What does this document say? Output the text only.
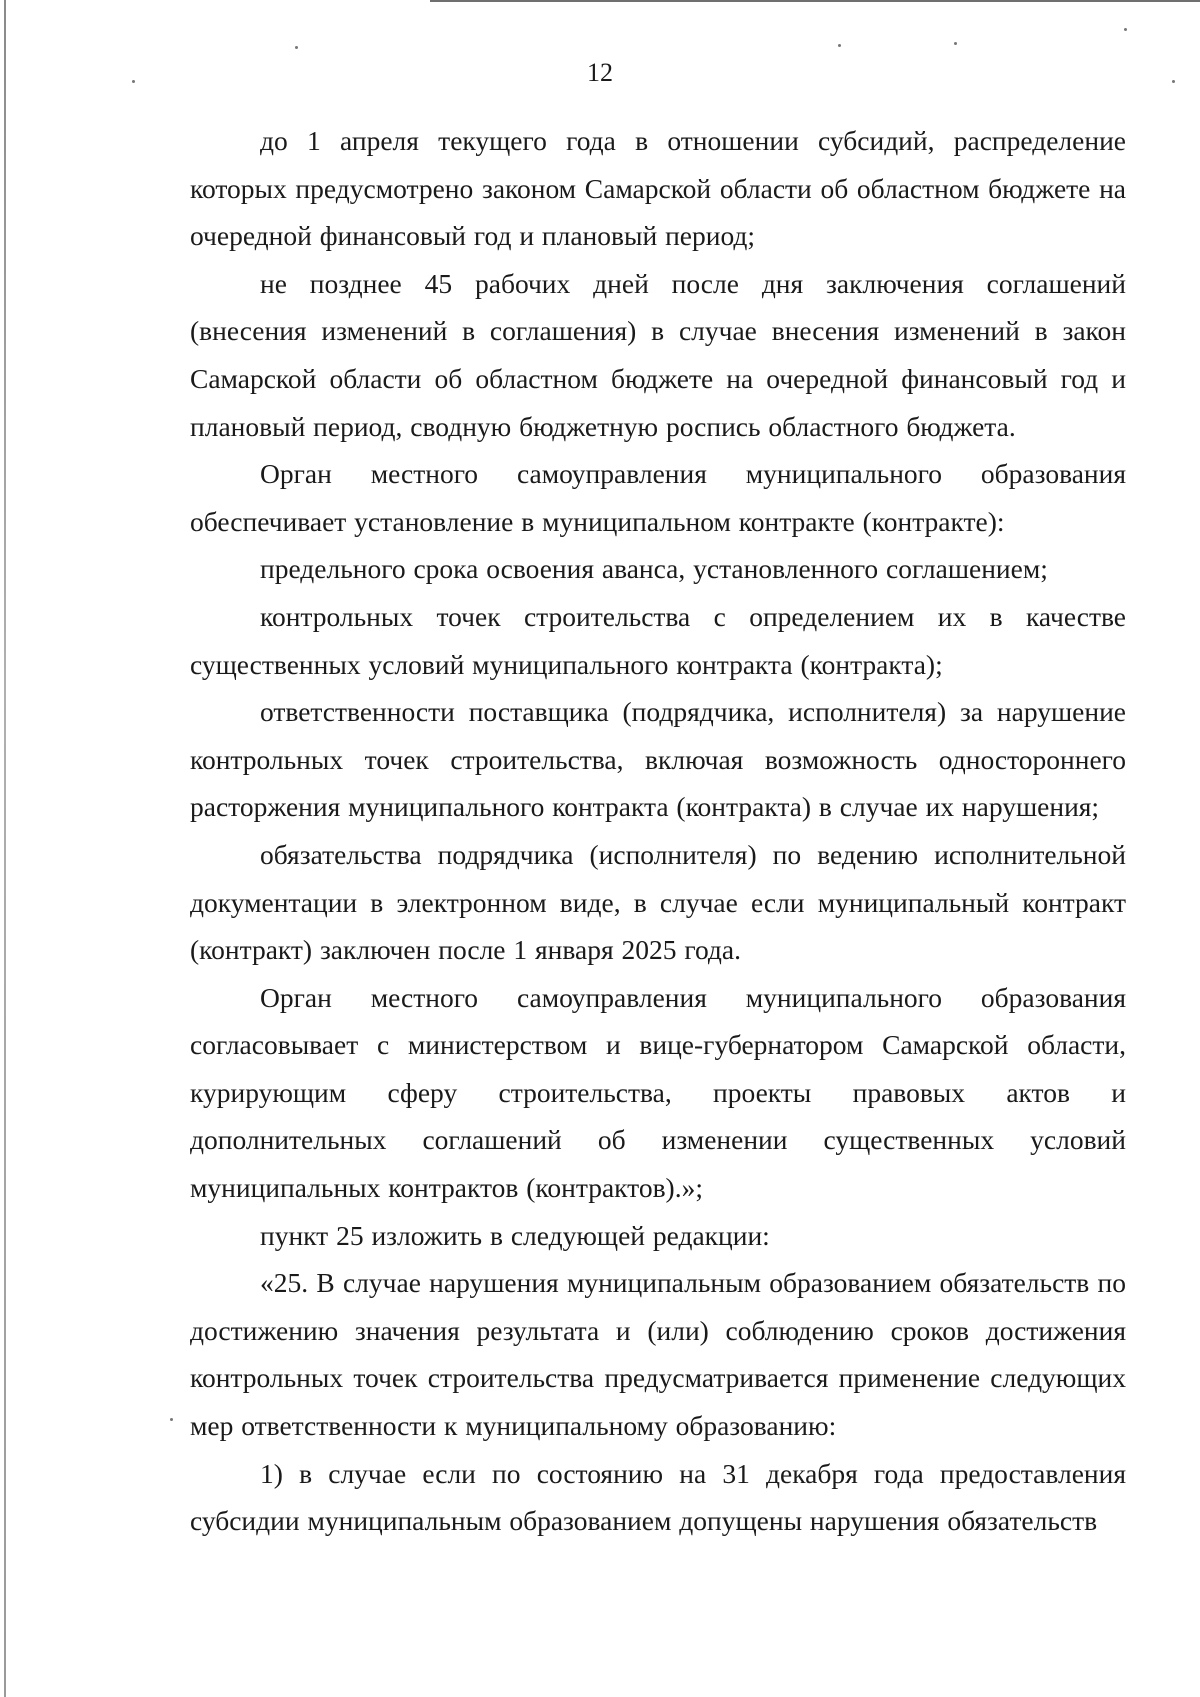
12

до 1 апреля текущего года в отношении субсидий, распределение которых предусмотрено законом Самарской области об областном бюджете на очередной финансовый год и плановый период;

не позднее 45 рабочих дней после дня заключения соглашений (внесения изменений в соглашения) в случае внесения изменений в закон Самарской области об областном бюджете на очередной финансовый год и плановый период, сводную бюджетную роспись областного бюджета.

Орган местного самоуправления муниципального образования обеспечивает установление в муниципальном контракте (контракте):

предельного срока освоения аванса, установленного соглашением;

контрольных точек строительства с определением их в качестве существенных условий муниципального контракта (контракта);

ответственности поставщика (подрядчика, исполнителя) за нарушение контрольных точек строительства, включая возможность одностороннего расторжения муниципального контракта (контракта) в случае их нарушения;

обязательства подрядчика (исполнителя) по ведению исполнительной документации в электронном виде, в случае если муниципальный контракт (контракт) заключен после 1 января 2025 года.

Орган местного самоуправления муниципального образования согласовывает с министерством и вице-губернатором Самарской области, курирующим сферу строительства, проекты правовых актов и дополнительных соглашений об изменении существенных условий муниципальных контрактов (контрактов).»;

пункт 25 изложить в следующей редакции:

«25. В случае нарушения муниципальным образованием обязательств по достижению значения результата и (или) соблюдению сроков достижения контрольных точек строительства предусматривается применение следующих мер ответственности к муниципальному образованию:

1) в случае если по состоянию на 31 декабря года предоставления субсидии муниципальным образованием допущены нарушения обязательств
